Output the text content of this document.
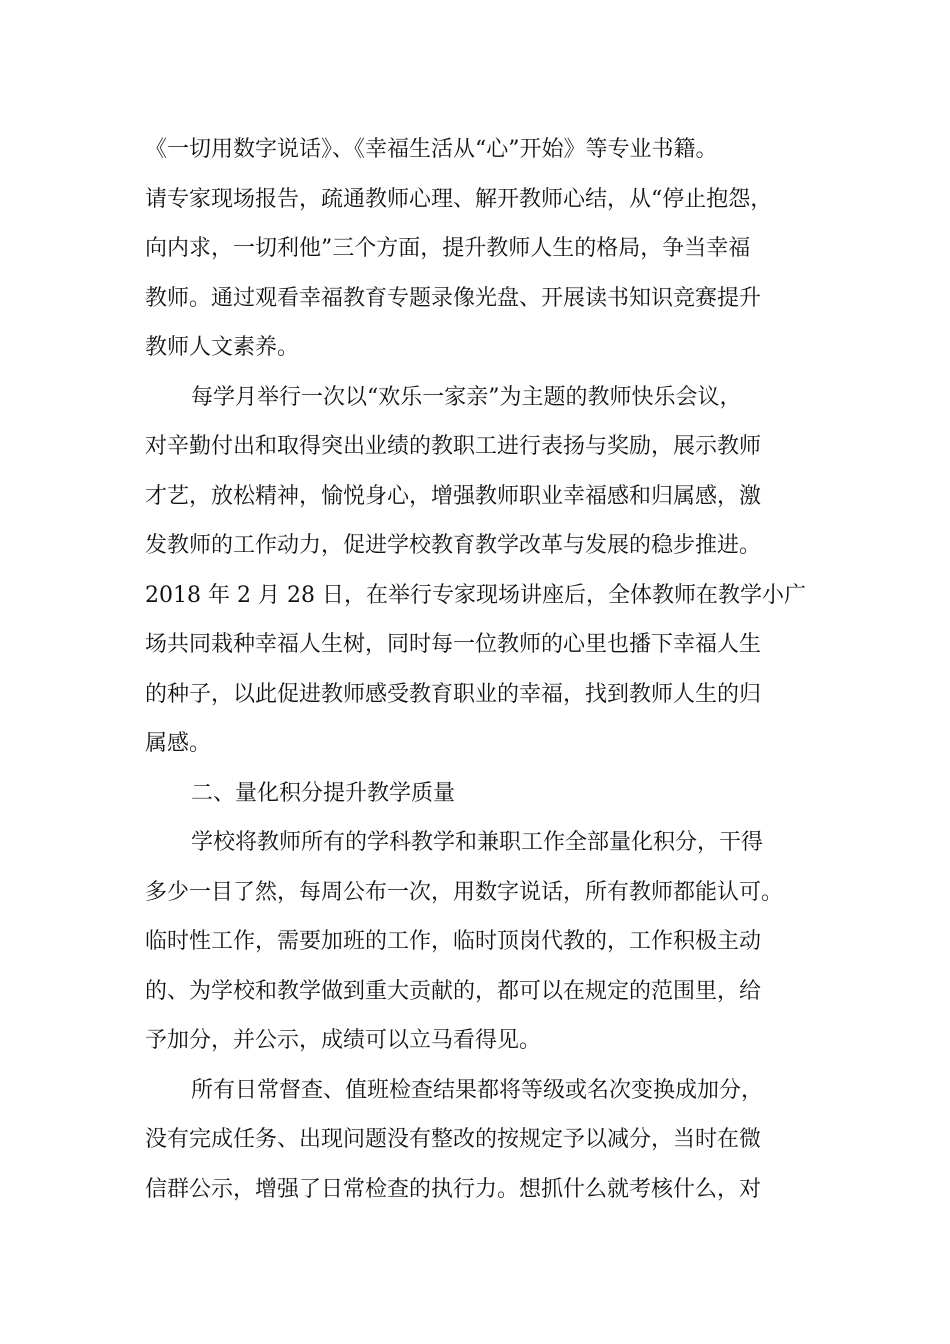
《一切用数字说话》、《幸福生活从“心”开始》等专业书籍。
请专家现场报告，疏通教师心理、解开教师心结，从“停止抱怨，
向内求，一切利他”三个方面，提升教师人生的格局，争当幸福
教师。通过观看幸福教育专题录像光盘、开展读书知识竞赛提升
教师人文素养。
每学月举行一次以“欢乐一家亲”为主题的教师快乐会议，
对辛勤付出和取得突出业绩的教职工进行表扬与奖励，展示教师
才艺，放松精神，愉悦身心，增强教师职业幸福感和归属感，激
发教师的工作动力，促进学校教育教学改革与发展的稳步推进。
2018 年 2 月 28 日，在举行专家现场讲座后，全体教师在教学小广
场共同栽种幸福人生树，同时每一位教师的心里也播下幸福人生
的种子，以此促进教师感受教育职业的幸福，找到教师人生的归
属感。
二、量化积分提升教学质量
学校将教师所有的学科教学和兼职工作全部量化积分，干得
多少一目了然，每周公布一次，用数字说话，所有教师都能认可。
临时性工作，需要加班的工作，临时顶岗代教的，工作积极主动
的、为学校和教学做到重大贡献的，都可以在规定的范围里，给
予加分，并公示，成绩可以立马看得见。
所有日常督查、值班检查结果都将等级或名次变换成加分，
没有完成任务、出现问题没有整改的按规定予以减分，当时在微
信群公示，增强了日常检查的执行力。想抓什么就考核什么，对
